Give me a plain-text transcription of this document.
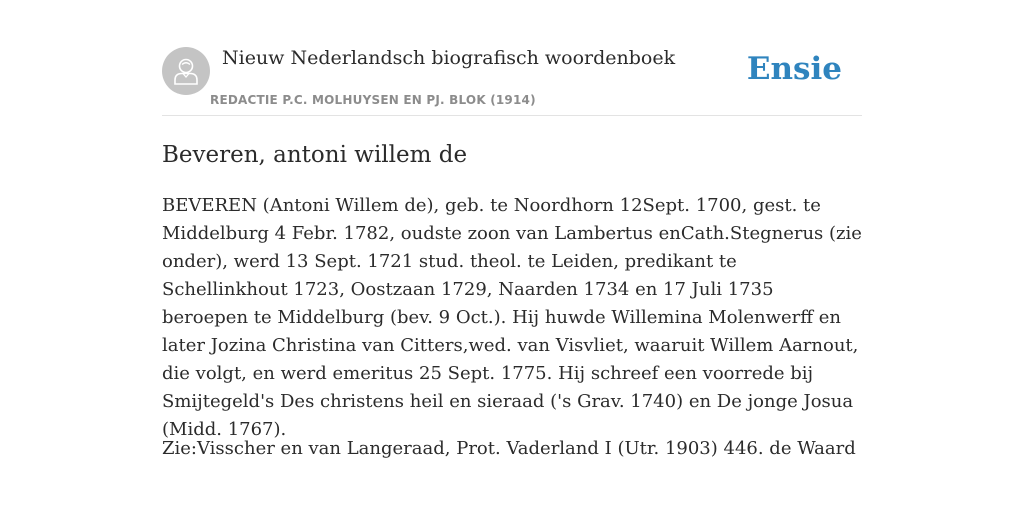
Nieuw Nederlandsch biografisch woordenboek
REDACTIE P.C. MOLHUYSEN EN PJ. BLOK (1914)
Ensie
Beveren, antoni willem de

BEVEREN (Antoni Willem de), geb. te Noordhorn 12Sept. 1700, gest. te Middelburg 4 Febr. 1782, oudste zoon van Lambertus enCath.Stegnerus (zie onder), werd 13 Sept. 1721 stud. theol. te Leiden, predikant te Schellinkhout 1723, Oostzaan 1729, Naarden 1734 en 17 Juli 1735 beroepen te Middelburg (bev. 9 Oct.). Hij huwde Willemina Molenwerff en later Jozina Christina van Citters,wed. van Visvliet, waaruit Willem Aarnout, die volgt, en werd emeritus 25 Sept. 1775. Hij schreef een voorrede bij Smijtegeld's Des christens heil en sieraad ('s Grav. 1740) en De jonge Josua (Midd. 1767).

Zie:Visscher en van Langeraad, Prot. Vaderland I (Utr. 1903) 446. de Waard
